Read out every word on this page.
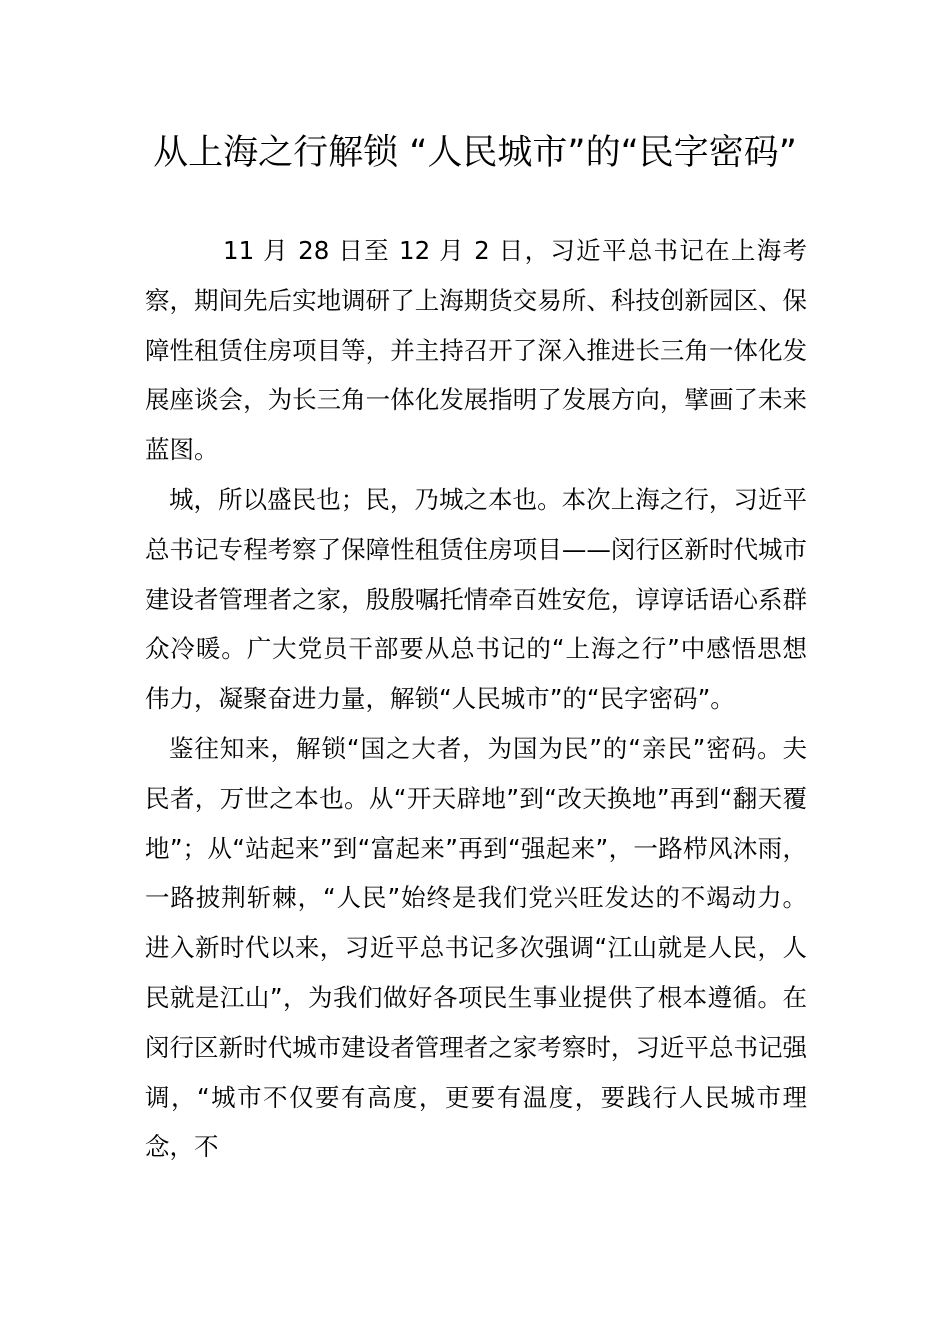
从上海之行解锁 “人民城市”的“民字密码”

11 月 28 日至 12 月 2 日，习近平总书记在上海考察，期间先后实地调研了上海期货交易所、科技创新园区、保障性租赁住房项目等，并主持召开了深入推进长三角一体化发展座谈会，为长三角一体化发展指明了发展方向，擘画了未来蓝图。

城，所以盛民也；民，乃城之本也。本次上海之行，习近平总书记专程考察了保障性租赁住房项目——闵行区新时代城市建设者管理者之家，殷殷嘱托情牵百姓安危，谆谆话语心系群众冷暖。广大党员干部要从总书记的“上海之行”中感悟思想伟力，凝聚奋进力量，解锁“人民城市”的“民字密码”。

鉴往知来，解锁“国之大者，为国为民”的“亲民”密码。夫民者，万世之本也。从“开天辟地”到“改天换地”再到“翻天覆地”；从“站起来”到“富起来”再到“强起来”，一路栉风沐雨，一路披荆斩棘，“人民”始终是我们党兴旺发达的不竭动力。进入新时代以来，习近平总书记多次强调“江山就是人民，人民就是江山”，为我们做好各项民生事业提供了根本遵循。在闵行区新时代城市建设者管理者之家考察时，习近平总书记强调，“城市不仅要有高度，更要有温度，要践行人民城市理念，不
